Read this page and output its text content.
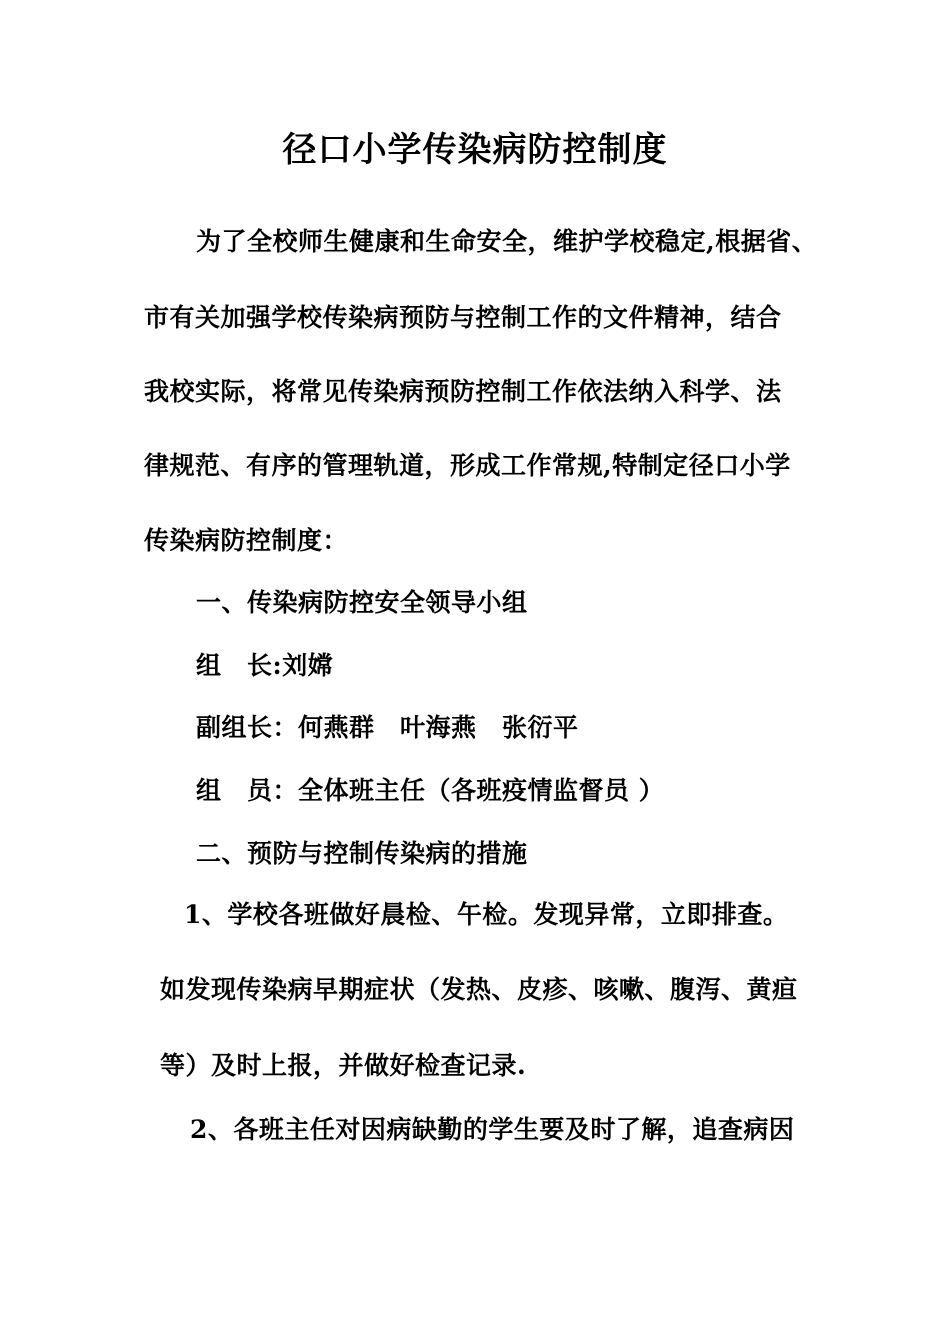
径口小学传染病防控制度
为了全校师生健康和生命安全，维护学校稳定,根据省、
市有关加强学校传染病预防与控制工作的文件精神，结合
我校实际，将常见传染病预防控制工作依法纳入科学、法
律规范、有序的管理轨道，形成工作常规,特制定径口小学
传染病防控制度：
一、传染病防控安全领导小组
组　长:刘嫦
副组长：何燕群　叶海燕　张衍平
组　员：全体班主任（各班疫情监督员 ）
二、预防与控制传染病的措施
1、学校各班做好晨检、午检。发现异常，立即排查。
如发现传染病早期症状（发热、皮疹、咳嗽、腹泻、黄疸
等）及时上报，并做好检查记录.
2、各班主任对因病缺勤的学生要及时了解，追查病因
